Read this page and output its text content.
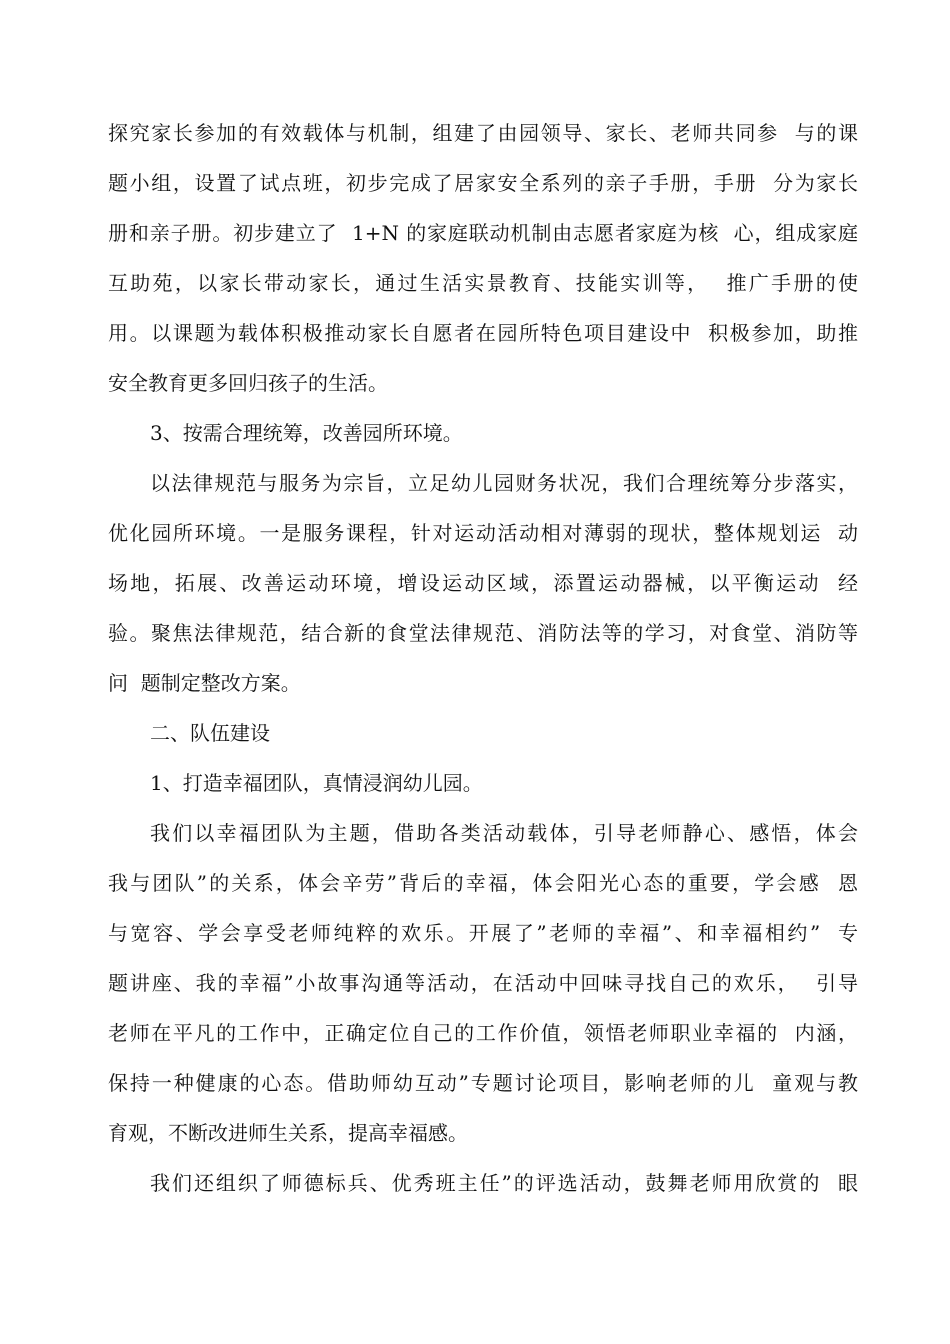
探究家长参加的有效载体与机制，组建了由园领导、家长、老师共同参  与的课
题小组，设置了试点班，初步完成了居家安全系列的亲子手册，手册  分为家长
册和亲子册。初步建立了  1+N 的家庭联动机制由志愿者家庭为核  心，组成家庭
互助苑，以家长带动家长，通过生活实景教育、技能实训等，  推广手册的使
用。以课题为载体积极推动家长自愿者在园所特色项目建设中  积极参加，助推
安全教育更多回归孩子的生活。
3、按需合理统筹，改善园所环境。
以法律规范与服务为宗旨，立足幼儿园财务状况，我们合理统筹分步落实，
优化园所环境。一是服务课程，针对运动活动相对薄弱的现状，整体规划运  动
场地，拓展、改善运动环境，增设运动区域，添置运动器械，以平衡运动  经
验。聚焦法律规范，结合新的食堂法律规范、消防法等的学习，对食堂、消防等
问  题制定整改方案。
二、队伍建设
1、打造幸福团队，真情浸润幼儿园。
我们以幸福团队为主题，借助各类活动载体，引导老师静心、感悟，体会
我与团队”的关系，体会辛劳”背后的幸福，体会阳光心态的重要，学会感  恩
与宽容、学会享受老师纯粹的欢乐。开展了”老师的幸福”、和幸福相约”  专
题讲座、我的幸福”小故事沟通等活动，在活动中回味寻找自己的欢乐，  引导
老师在平凡的工作中，正确定位自己的工作价值，领悟老师职业幸福的  内涵，
保持一种健康的心态。借助师幼互动”专题讨论项目，影响老师的儿  童观与教
育观，不断改进师生关系，提高幸福感。
我们还组织了师德标兵、优秀班主任”的评选活动，鼓舞老师用欣赏的  眼
